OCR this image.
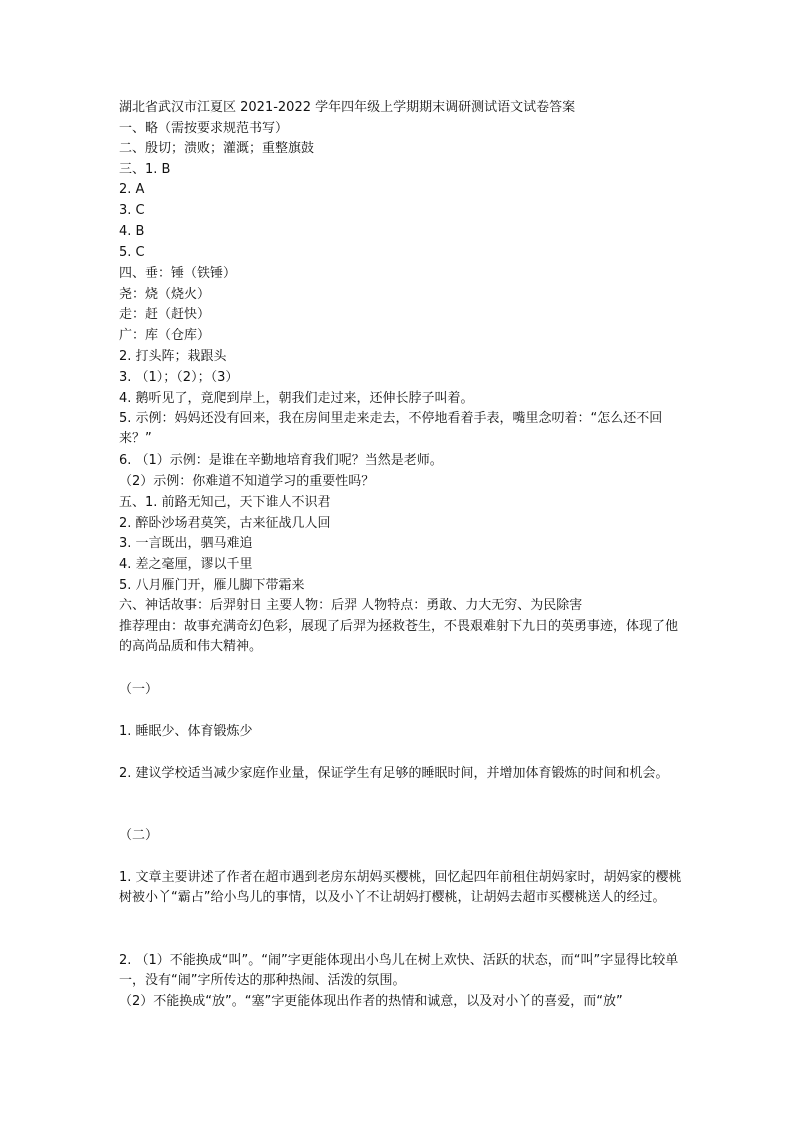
湖北省武汉市江夏区 2021-2022 学年四年级上学期期末调研测试语文试卷答案
一、略（需按要求规范书写）
二、殷切；溃败；灌溉；重整旗鼓
三、1. B
2. A
3. C
4. B
5. C
四、垂：锤（铁锤）
尧：烧（烧火）
走：赶（赶快）
广：库（仓库）
2. 打头阵；栽跟头
3. （1）；（2）；（3）
4. 鹅听见了，竟爬到岸上，朝我们走过来，还伸长脖子叫着。
5. 示例：妈妈还没有回来，我在房间里走来走去，不停地看着手表，嘴里念叨着：“怎么还不回来？”
6. （1）示例：是谁在辛勤地培育我们呢？当然是老师。
（2）示例：你难道不知道学习的重要性吗？
五、1. 前路无知己，天下谁人不识君
2. 醉卧沙场君莫笑，古来征战几人回
3. 一言既出，驷马难追
4. 差之毫厘，谬以千里
5. 八月雁门开，雁儿脚下带霜来
六、神话故事：后羿射日 主要人物：后羿 人物特点：勇敢、力大无穷、为民除害
推荐理由：故事充满奇幻色彩，展现了后羿为拯救苍生，不畏艰难射下九日的英勇事迹，体现了他的高尚品质和伟大精神。
（一）
1. 睡眠少、体育锻炼少
2. 建议学校适当减少家庭作业量，保证学生有足够的睡眠时间，并增加体育锻炼的时间和机会。
（二）
1. 文章主要讲述了作者在超市遇到老房东胡妈买樱桃，回忆起四年前租住胡妈家时，胡妈家的樱桃树被小丫“霸占”给小鸟儿的事情，以及小丫不让胡妈打樱桃，让胡妈去超市买樱桃送人的经过。
2. （1）不能换成“叫”。“闹”字更能体现出小鸟儿在树上欢快、活跃的状态，而“叫”字显得比较单一，没有“闹”字所传达的那种热闹、活泼的氛围。
（2）不能换成“放”。“塞”字更能体现出作者的热情和诚意，以及对小丫的喜爱，而“放”
